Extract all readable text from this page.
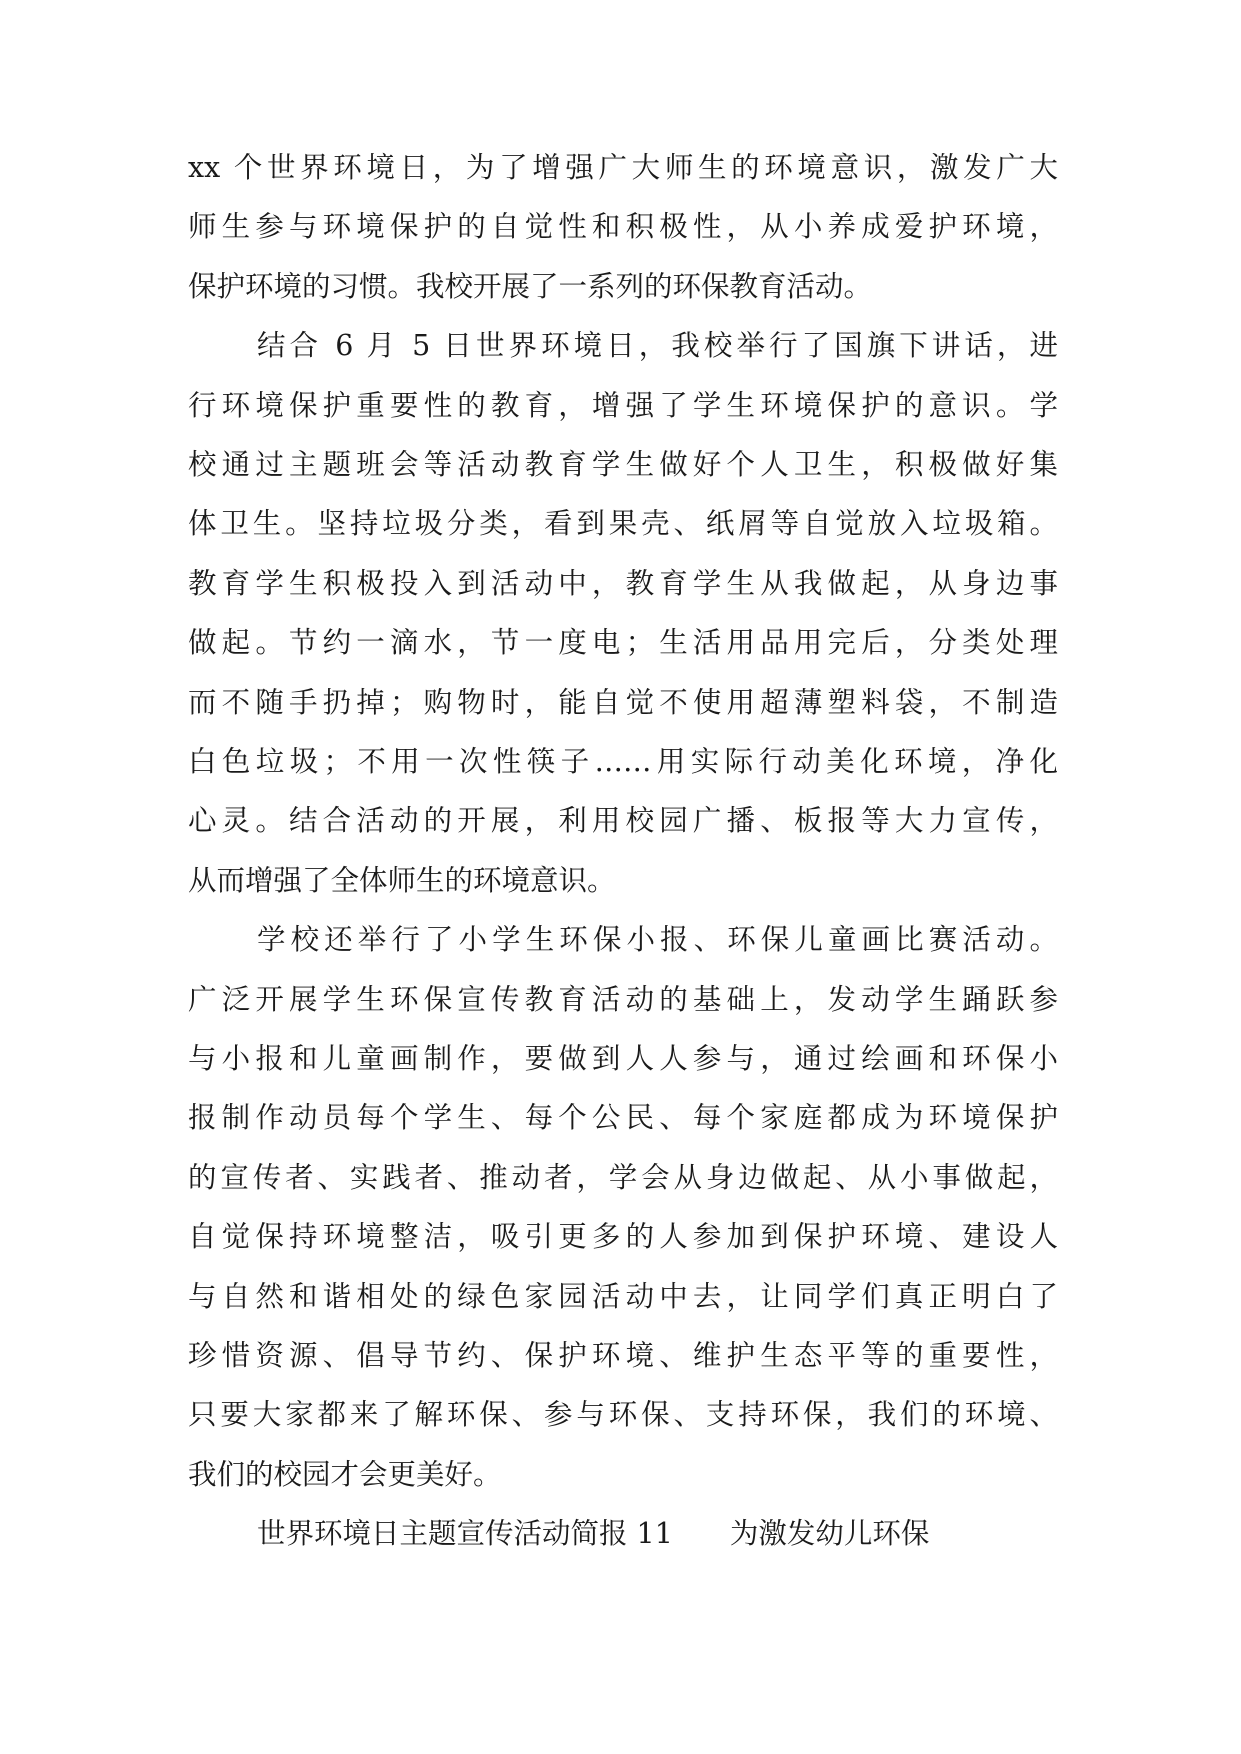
xx 个世界环境日，为了增强广大师生的环境意识，激发广大
师生参与环境保护的自觉性和积极性，从小养成爱护环境，
保护环境的习惯。我校开展了一系列的环保教育活动。
结合 6 月 5 日世界环境日，我校举行了国旗下讲话，进
行环境保护重要性的教育，增强了学生环境保护的意识。学
校通过主题班会等活动教育学生做好个人卫生，积极做好集
体卫生。坚持垃圾分类，看到果壳、纸屑等自觉放入垃圾箱。
教育学生积极投入到活动中，教育学生从我做起，从身边事
做起。节约一滴水，节一度电；生活用品用完后，分类处理
而不随手扔掉；购物时，能自觉不使用超薄塑料袋，不制造
白色垃圾；不用一次性筷子……用实际行动美化环境，净化
心灵。结合活动的开展，利用校园广播、板报等大力宣传，
从而增强了全体师生的环境意识。
学校还举行了小学生环保小报、环保儿童画比赛活动。
广泛开展学生环保宣传教育活动的基础上，发动学生踊跃参
与小报和儿童画制作，要做到人人参与，通过绘画和环保小
报制作动员每个学生、每个公民、每个家庭都成为环境保护
的宣传者、实践者、推动者，学会从身边做起、从小事做起，
自觉保持环境整洁，吸引更多的人参加到保护环境、建设人
与自然和谐相处的绿色家园活动中去，让同学们真正明白了
珍惜资源、倡导节约、保护环境、维护生态平等的重要性，
只要大家都来了解环保、参与环保、支持环保，我们的环境、
我们的校园才会更美好。
世界环境日主题宣传活动简报 11　　为激发幼儿环保
